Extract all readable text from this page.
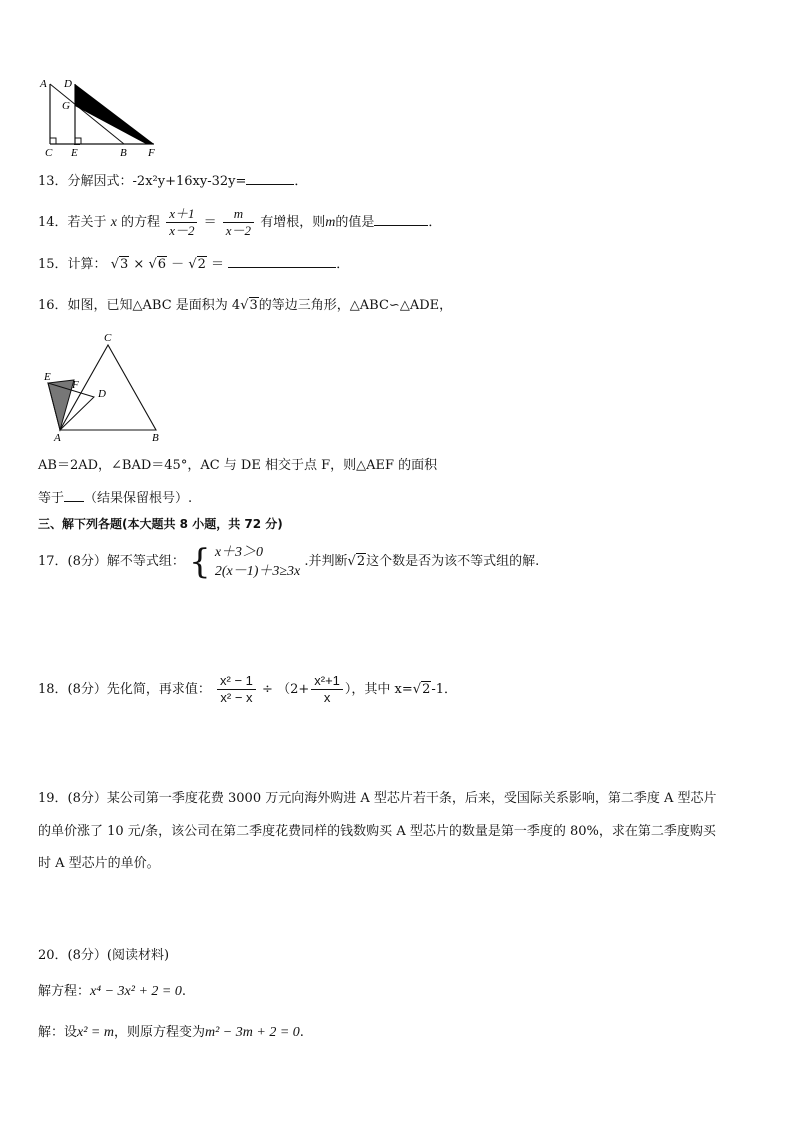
A D
G
C E	B F
13．分解因式：-2x²y+16xy-32y=	．
14．若关于 x 的方程 $\frac{x+1}{x-2} = \frac{m}{x-2}$ 有增根，则m的值是	．
15．计算： √3 × √6 － √2 ＝	．
16．如图，已知△ABC 是面积为 4√3的等边三角形，△ABC∽△ADE，
C
E
F
D
A	B
AB＝2AD，∠BAD＝45°，AC 与 DE 相交于点 F，则△AEF 的面积
等于 （结果保留根号）.
三、解下列各题(本大题共 8 小题，共 72 分)
17．(8分）解不等式组： { x＋3＞0
2(x－1)＋3≥3x
.并判断√2这个数是否为该不等式组的解.
18．(8分）先化简，再求值： $\frac{\text{x² − 1}}{\text{x² − x}} \div (2+ \frac{\text{x²+1}}{x}$ ），其中 x=√2-1．
19．(8分）某公司第一季度花费 3000 万元向海外购进 A 型芯片若干条，后来，受国际关系影响，第二季度 A 型芯片
的单价涨了 10 元/条，该公司在第二季度花费同样的钱数购买 A 型芯片的数量是第一季度的 80%，求在第二季度购买
时 A 型芯片的单价。
20．(8分）(阅读材料)
解方程：x⁴ − 3x² + 2 = 0.
解：设x² = m，则原方程变为m² − 3m + 2 = 0.
